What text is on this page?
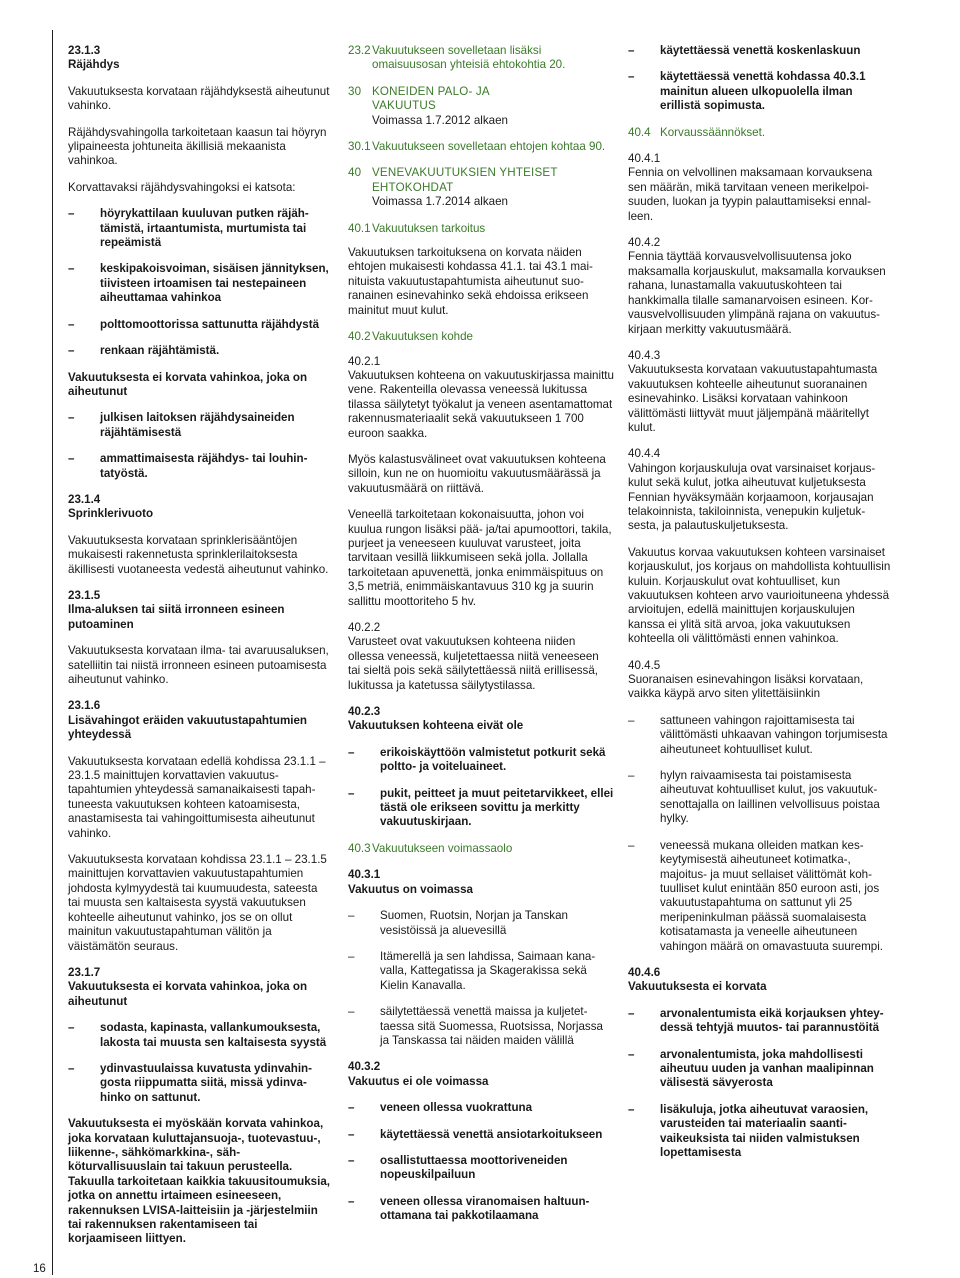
16

23.1.3

Räjähdys

Vakuutuksesta korvataan räjähdyksestä aiheutunut vahinko.

Räjähdysvahingolla tarkoitetaan kaasun tai höyryn ylipaineesta johtuneita äkillisiä mekaanista vahinkoa.

Korvattavaksi räjähdysvahingoksi ei katsota:

– höyrykattilaan kuuluvan putken räjähtämistä, irtaantumista, murtumista tai repeämistä
– keskipakoisvoiman, sisäisen jännityksen, tiivisteen irtoamisen tai nestepaineen aiheuttamaa vahinkoa
– polttomoottorissa sattunutta räjähdystä
– renkaan räjähtämistä.

Vakuutuksesta ei korvata vahinkoa, joka on aiheutunut

– julkisen laitoksen räjähdysaineiden räjähtämisestä
– ammattimaisesta räjähdys- tai louhintatyöstä.

23.1.4

Sprinklerivuoto

Vakuutuksesta korvataan sprinklerisääntöjen mukaisesti rakennetusta sprinklerilaitoksesta äkillisesti vuotaneesta vedestä aiheutunut vahinko.

23.1.5

Ilma-aluksen tai siitä irronneen esineen putoaminen

Vakuutuksesta korvataan ilma- tai avaruusaluksen, satelliitin tai niistä irronneen esineen putoamisesta aiheutunut vahinko.

23.1.6

Lisävahingot eräiden vakuutustapahtumien yhteydessä

Vakuutuksesta korvataan edellä kohdissa 23.1.1 – 23.1.5 mainittujen korvattavien vakuutustapahtumien yhteydessä samanaikaisesti tapahtuneesta vakuutuksen kohteen katoamisesta, anastamisesta tai vahingoittumisesta aiheutunut vahinko.

Vakuutuksesta korvataan kohdissa 23.1.1 – 23.1.5 mainittujen korvattavien vakuutustapahtumien johdosta kylmyydestä tai kuumuudesta, sateesta tai muusta sen kaltaisesta syystä vakuutuksen kohteelle aiheutunut vahinko, jos se on ollut mainitun vakuutustapahtuman välitön ja väistämätön seuraus.

23.1.7

Vakuutuksesta ei korvata vahinkoa, joka on aiheutunut

– sodasta, kapinasta, vallankumouksesta, lakosta tai muusta sen kaltaisesta syystä
– ydinvastuulaissa kuvatusta ydinvahingosta riippumatta siitä, missä ydinvahinko on sattunut.

Vakuutuksesta ei myöskään korvata vahinkoa, joka korvataan kuluttajansuoja-, tuotevastuu-, liikenne-, sähkömarkkina-, sähköturvallisuuslain tai takuun perusteella. Takuulla tarkoitetaan kaikkia takuusitoumuksia, jotka on annettu irtaimeen esineeseen, rakennuksen LVISA-laitteisiin ja -järjestelmiin tai rakennuksen rakentamiseen tai korjaamiseen liittyen.

23.2 Vakuutukseen sovelletaan lisäksi omaisuusosan yhteisiä ehtokohtia 20.
30 KONEIDEN PALO- JA VAKUUTUS
Voimassa 1.7.2012 alkaen
30.1 Vakuutukseen sovelletaan ehtojen kohtaa 90.
40 VENEVAKUUTUKSIEN YHTEISET EHTOKOHDAT
Voimassa 1.7.2014 alkaen
40.1 Vakuutuksen tarkoitus

Vakuutuksen tarkoituksena on korvata näiden ehtojen mukaisesti kohdassa 41.1. tai 43.1 mainituista vakuutustapahtumista aiheutunut suoranainen esinevahinko sekä ehdoissa erikseen mainitut muut kulut.

40.2 Vakuutuksen kohde

40.2.1

Vakuutuksen kohteena on vakuutuskirjassa mainittu vene. Rakenteilla olevassa veneessä lukitussa tilassa säilytetyt työkalut ja veneen asentamattomat rakennusmateriaalit sekä vakuutukseen 1 700 euroon saakka.

Myös kalastusvälineet ovat vakuutuksen kohteena silloin, kun ne on huomioitu vakuutusmäärässä ja vakuutusmäärä on riittävä.

Veneellä tarkoitetaan kokonaisuutta, johon voi kuulua rungon lisäksi pää- ja/tai apumoottori, takila, purjeet ja veneeseen kuuluvat varusteet, joita tarvitaan vesillä liikkumiseen sekä jolla. Jollalla tarkoitetaan apuvenettä, jonka enimmäispituus on 3,5 metriä, enimmäiskantavuus 310 kg ja suurin sallittu moottoriteho 5 hv.

40.2.2

Varusteet ovat vakuutuksen kohteena niiden ollessa veneessä, kuljetettaessa niitä veneeseen tai sieltä pois sekä säilytettäessä niitä erillisessä, lukitussa ja katetussa säilytystilassa.

40.2.3

Vakuutuksen kohteena eivät ole

– erikoiskäyttöön valmistetut potkurit sekä poltto- ja voiteluaineet.
– pukit, peitteet ja muut peitetarvikkeet, ellei tästä ole erikseen sovittu ja merkitty vakuutuskirjaan.
40.3 Vakuutukseen voimassaolo

40.3.1

Vakuutus on voimassa

– Suomen, Ruotsin, Norjan ja Tanskan vesistöissä ja aluevesillä
– Itämerellä ja sen lahdissa, Saimaan kanavalla, Kattegatissa ja Skagerakissa sekä Kielin Kanavalla.
– säilytettäessä venettä maissa ja kuljetettaessa sitä Suomessa, Ruotsissa, Norjassa ja Tanskassa tai näiden maiden välillä

40.3.2

Vakuutus ei ole voimassa

– veneen ollessa vuokrattuna
– käytettäessä venettä ansiotarkoitukseen
– osallistuttaessa moottoriveneiden nopeuskilpailuun
– veneen ollessa viranomaisen haltuunottamana tai pakkotilaamana
– käytettäessä venettä koskenlaskuun
– käytettäessä venettä kohdassa 40.3.1 mainitun alueen ulkopuolella ilman erillistä sopimusta.
40.4 Korvaussäännökset.

40.4.1

Fennia on velvollinen maksamaan korvauksena sen määrän, mikä tarvitaan veneen merikelpoisuuden, luokan ja tyypin palauttamiseksi ennalleen.

40.4.2

Fennia täyttää korvausvelvollisuutensa joko maksamalla korjauskulut, maksamalla korvauksen rahana, lunastamalla vakuutuskohteen tai hankkimalla tilalle samanarvoisen esineen. Korvausvelvollisuuden ylimpänä rajana on vakuutuskirjaan merkitty vakuutusmäärä.

40.4.3

Vakuutuksesta korvataan vakuutustapahtumasta vakuutuksen kohteelle aiheutunut suoranainen esinevahinko. Lisäksi korvataan vahinkoon välittömästi liittyvät muut jäljempänä määritellyt kulut.

40.4.4

Vahingon korjauskuluja ovat varsinaiset korjauskulut sekä kulut, jotka aiheutuvat kuljetuksesta Fennian hyväksymään korjaamoon, korjausajan telakoinnista, takiloinnista, venepukin kuljetuksesta, ja palautuskuljetuksesta.

Vakuutus korvaa vakuutuksen kohteen varsinaiset korjauskulut, jos korjaus on mahdollista kohtuullisin kuluin. Korjauskulut ovat kohtuulliset, kun vakuutuksen kohteen arvo vaurioituneena yhdessä arvioitujen, edellä mainittujen korjauskulujen kanssa ei ylitä sitä arvoa, joka vakuutuksen kohteella oli välittömästi ennen vahinkoa.

40.4.5

Suoranaisen esinevahingon lisäksi korvataan, vaikka käypä arvo siten ylitettäisiinkin

– sattuneen vahingon rajoittamisesta tai välittömästi uhkaavan vahingon torjumisesta aiheutuneet kohtuulliset kulut.
– hylyn raivaamisesta tai poistamisesta aiheutuvat kohtuulliset kulut, jos vakuutuksenottajalla on laillinen velvollisuus poistaa hylky.
– veneessä mukana olleiden matkan keskeytymisestä aiheutuneet kotimatka-, majoitus- ja muut sellaiset välittömät kohtuulliset kulut enintään 850 euroon asti, jos vakuutustapahtuma on sattunut yli 25 meripeninkulman päässä suomalaisesta kotisatamasta ja veneelle aiheutuneen vahingon määrä on omavastuuta suurempi.

40.4.6

Vakuutuksesta ei korvata

– arvonalentumista eikä korjauksen yhteydessä tehtyjä muutos- tai parannustöitä
– arvonalentumista, joka mahdollisesti aiheutuu uuden ja vanhan maalipinnan välisestä sävyerosta
– lisäkuluja, jotka aiheutuvat varaosien, varusteiden tai materiaalin saantivaikeuksista tai niiden valmistuksen lopettamisesta
